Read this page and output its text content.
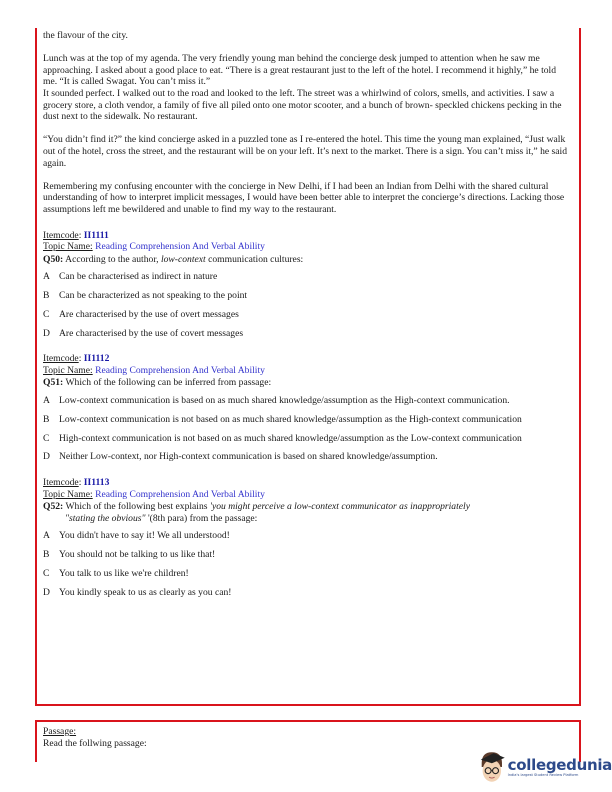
the flavour of the city.

Lunch was at the top of my agenda. The very friendly young man behind the concierge desk jumped to attention when he saw me approaching. I asked about a good place to eat. “There is a great restaurant just to the left of the hotel. I recommend it highly,” he told me. “It is called Swagat. You can’t miss it.”

It sounded perfect. I walked out to the road and looked to the left. The street was a whirlwind of colors, smells, and activities. I saw a grocery store, a cloth vendor, a family of five all piled onto one motor scooter, and a bunch of brown- speckled chickens pecking in the dust next to the sidewalk. No restaurant.

“You didn’t find it?” the kind concierge asked in a puzzled tone as I re-entered the hotel. This time the young man explained, “Just walk out of the hotel, cross the street, and the restaurant will be on your left. It’s next to the market. There is a sign. You can’t miss it,” he said again.

Remembering my confusing encounter with the concierge in New Delhi, if I had been an Indian from Delhi with the shared cultural understanding of how to interpret implicit messages, I would have been better able to interpret the concierge’s directions. Lacking those assumptions left me bewildered and unable to find my way to the restaurant.

Itemcode: II1111
Topic Name: Reading Comprehension And Verbal Ability
Q50: According to the author, low-context communication cultures:
A Can be characterised as indirect in nature
B Can be characterized as not speaking to the point
C Are characterised by the use of overt messages
D Are characterised by the use of covert messages
Itemcode: II1112
Topic Name: Reading Comprehension And Verbal Ability
Q51: Which of the following can be inferred from passage:
A Low-context communication is based on as much shared knowledge/assumption as the High-context communication.
B Low-context communication is not based on as much shared knowledge/assumption as the High-context communication
C High-context communication is not based on as much shared knowledge/assumption as the Low-context communication
D Neither Low-context, nor High-context communication is based on shared knowledge/assumption.
Itemcode: II1113
Topic Name: Reading Comprehension And Verbal Ability
Q52: Which of the following best explains 'you might perceive a low-context communicator as inappropriately
"stating the obvious" '(8th para) from the passage:
A You didn't have to say it! We all understood!
B You should not be talking to us like that!
C You talk to us like we're children!
D You kindly speak to us as clearly as you can!
Passage:
Read the follwing passage:
collegedunia
India's largest Student Review Platform
